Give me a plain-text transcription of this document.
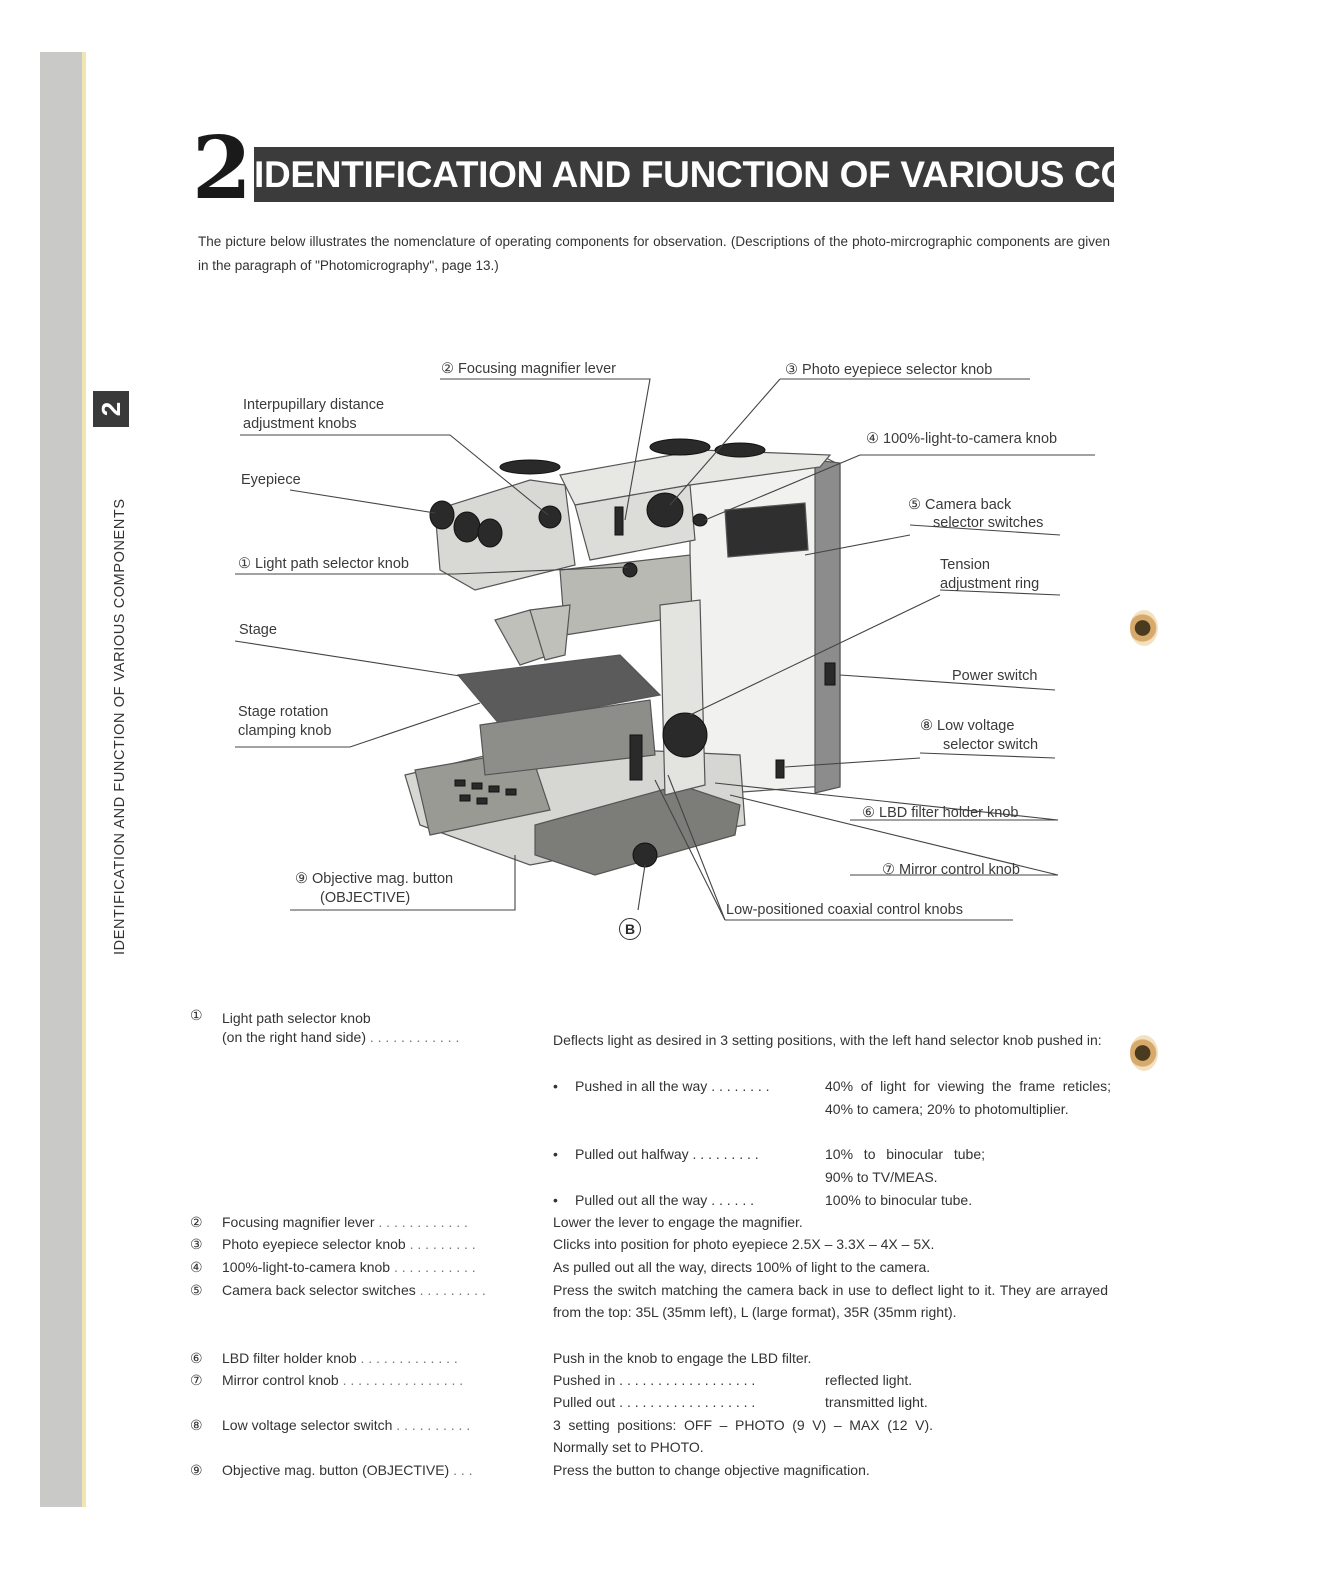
2
IDENTIFICATION AND FUNCTION OF VARIOUS COMPONENTS
2 IDENTIFICATION AND FUNCTION OF VARIOUS COMPONENTS
The picture below illustrates the nomenclature of operating components for observation. (Descriptions of the photo-mircrographic components are given in the paragraph of "Photomicrography", page 13.)
② Focusing magnifier lever	③ Photo eyepiece selector knob
Interpupillary distance
adjustment knobs
④ 100%-light-to-camera knob
Eyepiece
⑤ Camera back
selector switches
① Light path selector knob	Tension
adjustment ring
Stage
Power switch
Stage rotation
clamping knob	⑧ Low voltage
selector switch
⑥ LBD filter holder knob
⑨ Objective mag. button
(OBJECTIVE)
⑦ Mirror control knob
Low-positioned coaxial control knobs
B
①	Light path selector knob
(on the right hand side) . . . . . . . . . . . .	Deflects light as desired in 3 setting positions, with the left hand selector knob pushed in:
• Pushed in all the way . . . . . . . .	40% of light for viewing the frame reticles; 40% to camera; 20% to photomultiplier.
• Pulled out halfway . . . . . . . . .	10% to binocular tube; 90% to TV/MEAS.
• Pulled out all the way . . . . . .	100% to binocular tube.
②	Focusing magnifier lever . . . . . . . . . . . .	Lower the lever to engage the magnifier.
③	Photo eyepiece selector knob . . . . . . . . .	Clicks into position for photo eyepiece 2.5X – 3.3X – 4X – 5X.
④	100%-light-to-camera knob . . . . . . . . . . .	As pulled out all the way, directs 100% of light to the camera.
⑤	Camera back selector switches . . . . . . . . .	Press the switch matching the camera back in use to deflect light to it. They are arrayed from the top: 35L (35mm left), L (large format), 35R (35mm right).
⑥	LBD filter holder knob . . . . . . . . . . . . .	Push in the knob to engage the LBD filter.
⑦	Mirror control knob . . . . . . . . . . . . . . . .	Pushed in . . . . . . . . . . . . . . . . . .	reflected light.
Pulled out . . . . . . . . . . . . . . . . . .	transmitted light.
⑧	Low voltage selector switch . . . . . . . . . .	3 setting positions: OFF – PHOTO (9 V) – MAX (12 V). Normally set to PHOTO.
⑨	Objective mag. button (OBJECTIVE) . . .	Press the button to change objective magnification.
